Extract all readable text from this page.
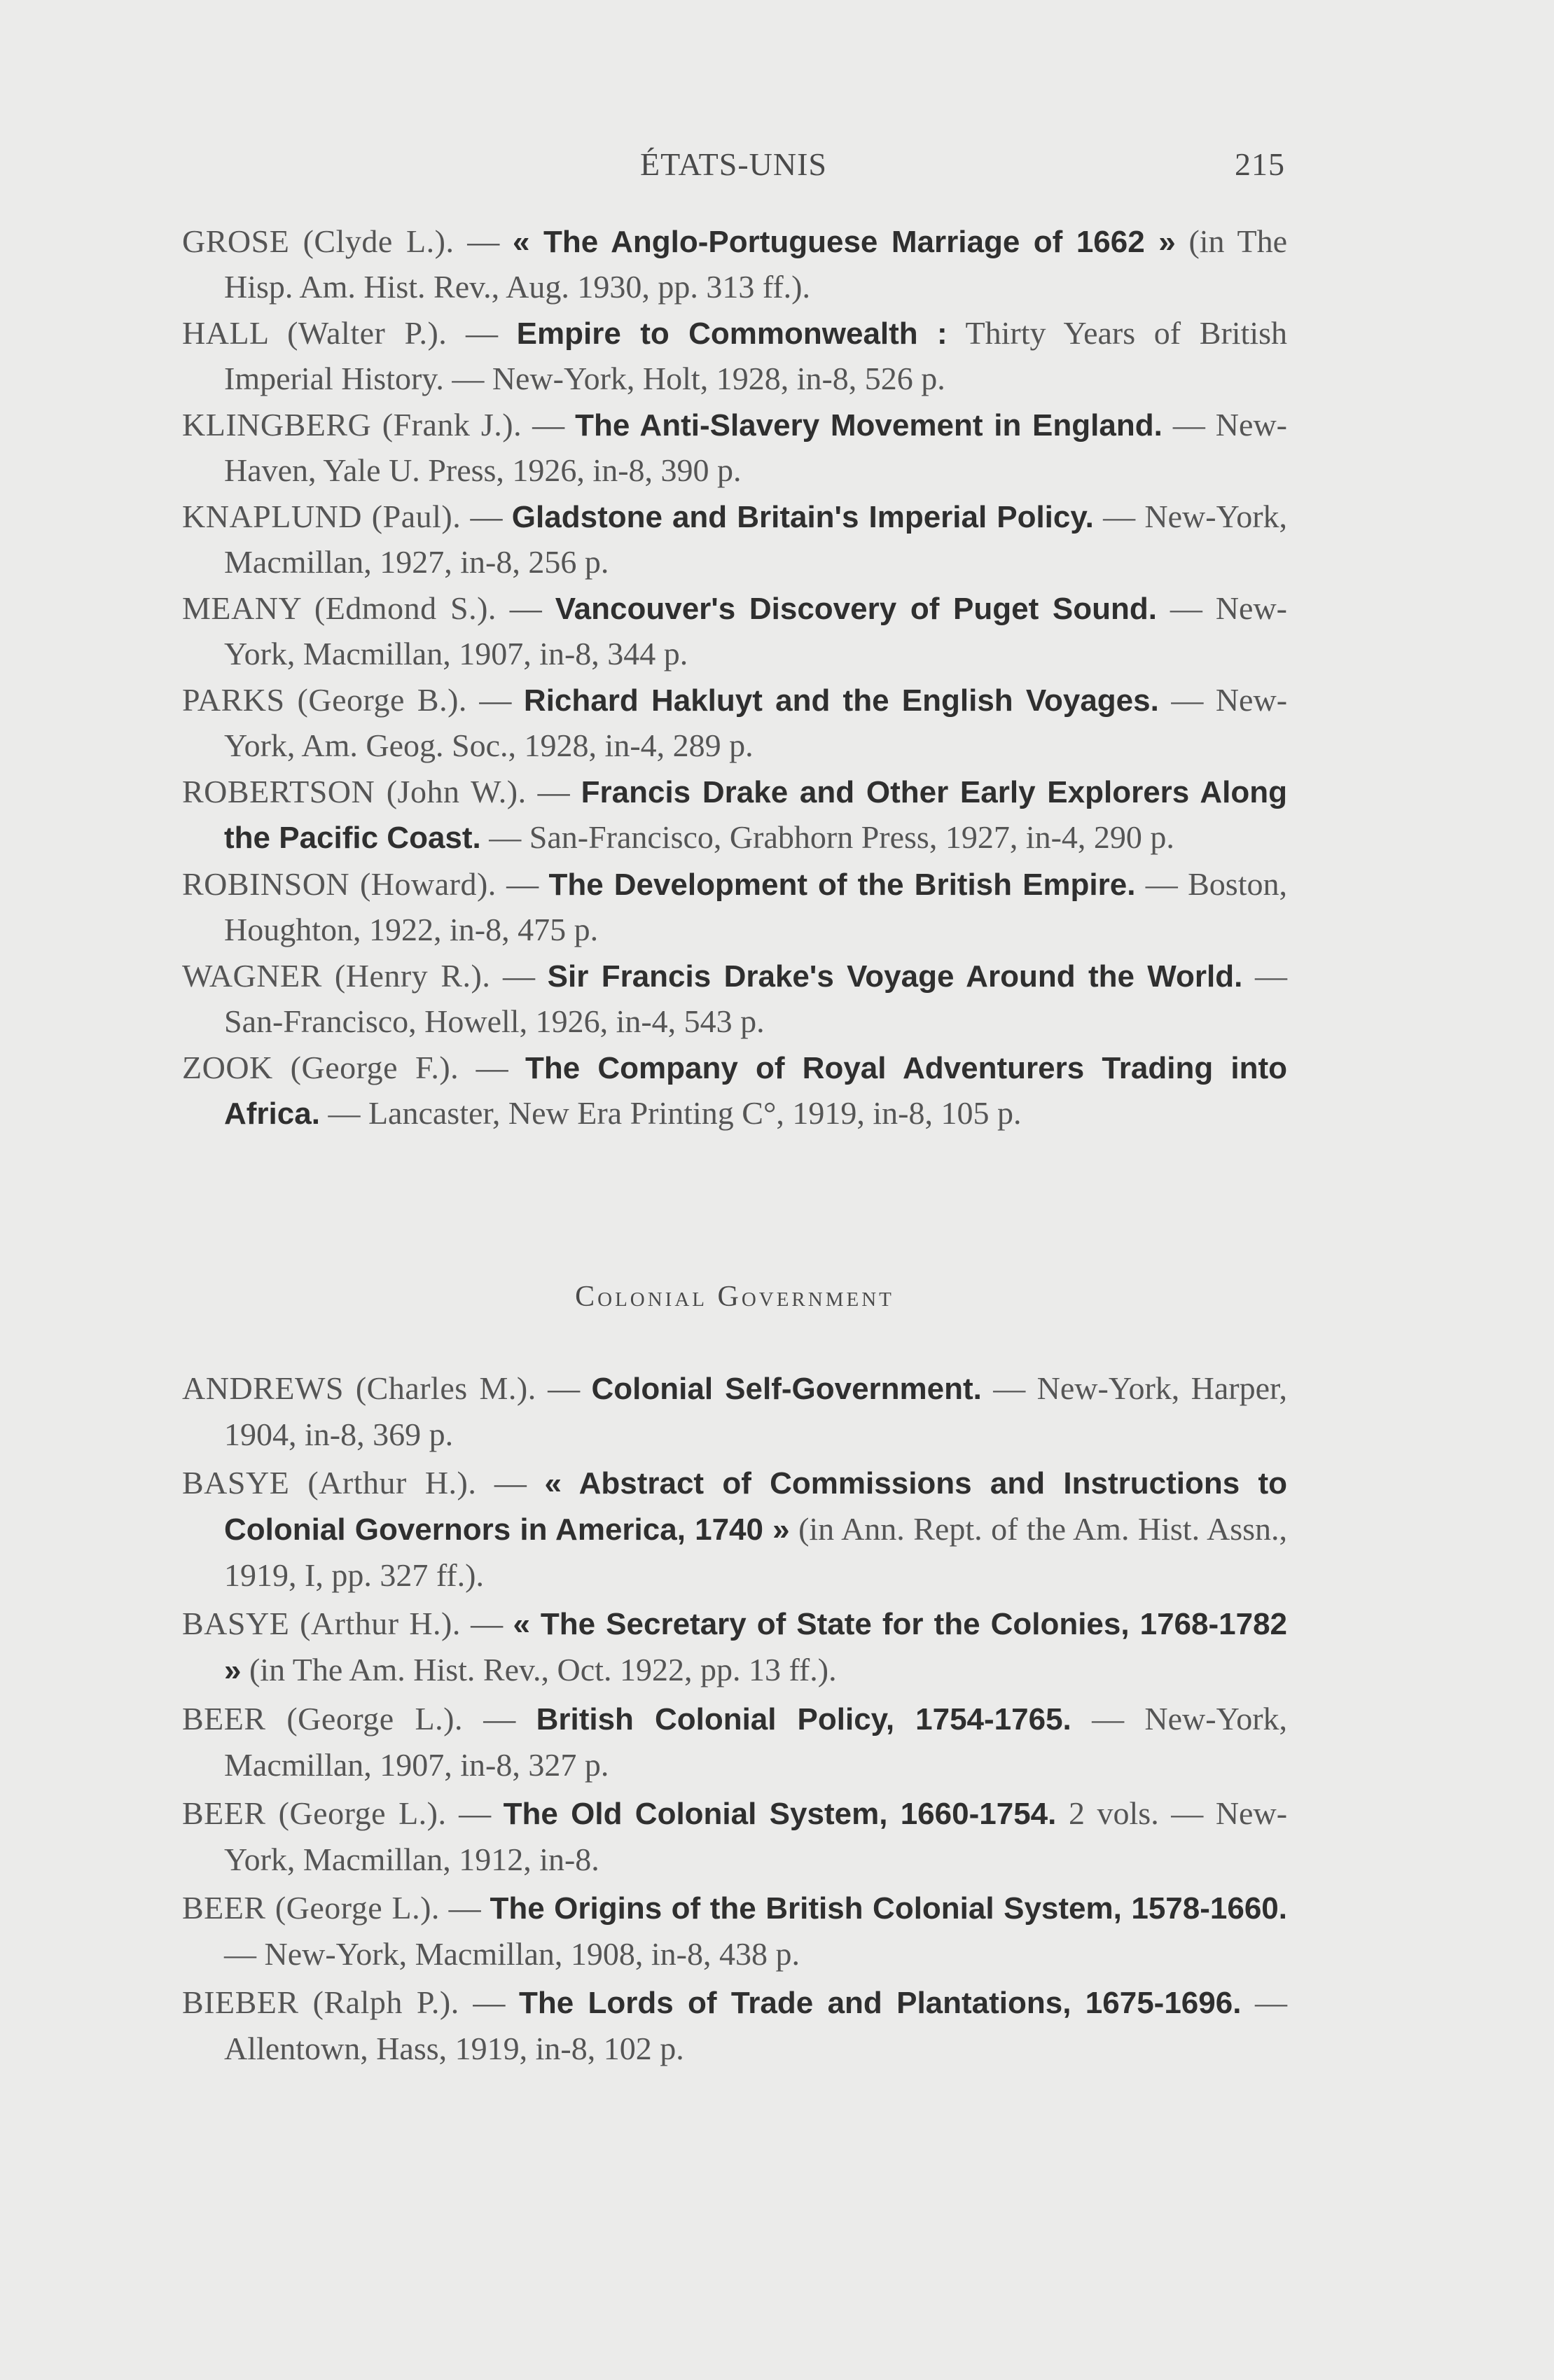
ÉTATS-UNIS	215

GROSE (Clyde L.). — « The Anglo-Portuguese Marriage of 1662 » (in The Hisp. Am. Hist. Rev., Aug. 1930, pp. 313 ff.).

HALL (Walter P.). — Empire to Commonwealth : Thirty Years of British Imperial History. — New-York, Holt, 1928, in-8, 526 p.

KLINGBERG (Frank J.). — The Anti-Slavery Movement in England. — New-Haven, Yale U. Press, 1926, in-8, 390 p.

KNAPLUND (Paul). — Gladstone and Britain's Imperial Policy. — New-York, Macmillan, 1927, in-8, 256 p.

MEANY (Edmond S.). — Vancouver's Discovery of Puget Sound. — New-York, Macmillan, 1907, in-8, 344 p.

PARKS (George B.). — Richard Hakluyt and the English Voyages. — New-York, Am. Geog. Soc., 1928, in-4, 289 p.

ROBERTSON (John W.). — Francis Drake and Other Early Explorers Along the Pacific Coast. — San-Francisco, Grabhorn Press, 1927, in-4, 290 p.

ROBINSON (Howard). — The Development of the British Empire. — Boston, Houghton, 1922, in-8, 475 p.

WAGNER (Henry R.). — Sir Francis Drake's Voyage Around the World. — San-Francisco, Howell, 1926, in-4, 543 p.

ZOOK (George F.). — The Company of Royal Adventurers Trading into Africa. — Lancaster, New Era Printing C°, 1919, in-8, 105 p.

Colonial Government

ANDREWS (Charles M.). — Colonial Self-Government. — New-York, Harper, 1904, in-8, 369 p.

BASYE (Arthur H.). — « Abstract of Commissions and Instructions to Colonial Governors in America, 1740 » (in Ann. Rept. of the Am. Hist. Assn., 1919, I, pp. 327 ff.).

BASYE (Arthur H.). — « The Secretary of State for the Colonies, 1768-1782 » (in The Am. Hist. Rev., Oct. 1922, pp. 13 ff.).

BEER (George L.). — British Colonial Policy, 1754-1765. — New-York, Macmillan, 1907, in-8, 327 p.

BEER (George L.). — The Old Colonial System, 1660-1754. 2 vols. — New-York, Macmillan, 1912, in-8.

BEER (George L.). — The Origins of the British Colonial System, 1578-1660. — New-York, Macmillan, 1908, in-8, 438 p.

BIEBER (Ralph P.). — The Lords of Trade and Plantations, 1675-1696. — Allentown, Hass, 1919, in-8, 102 p.
